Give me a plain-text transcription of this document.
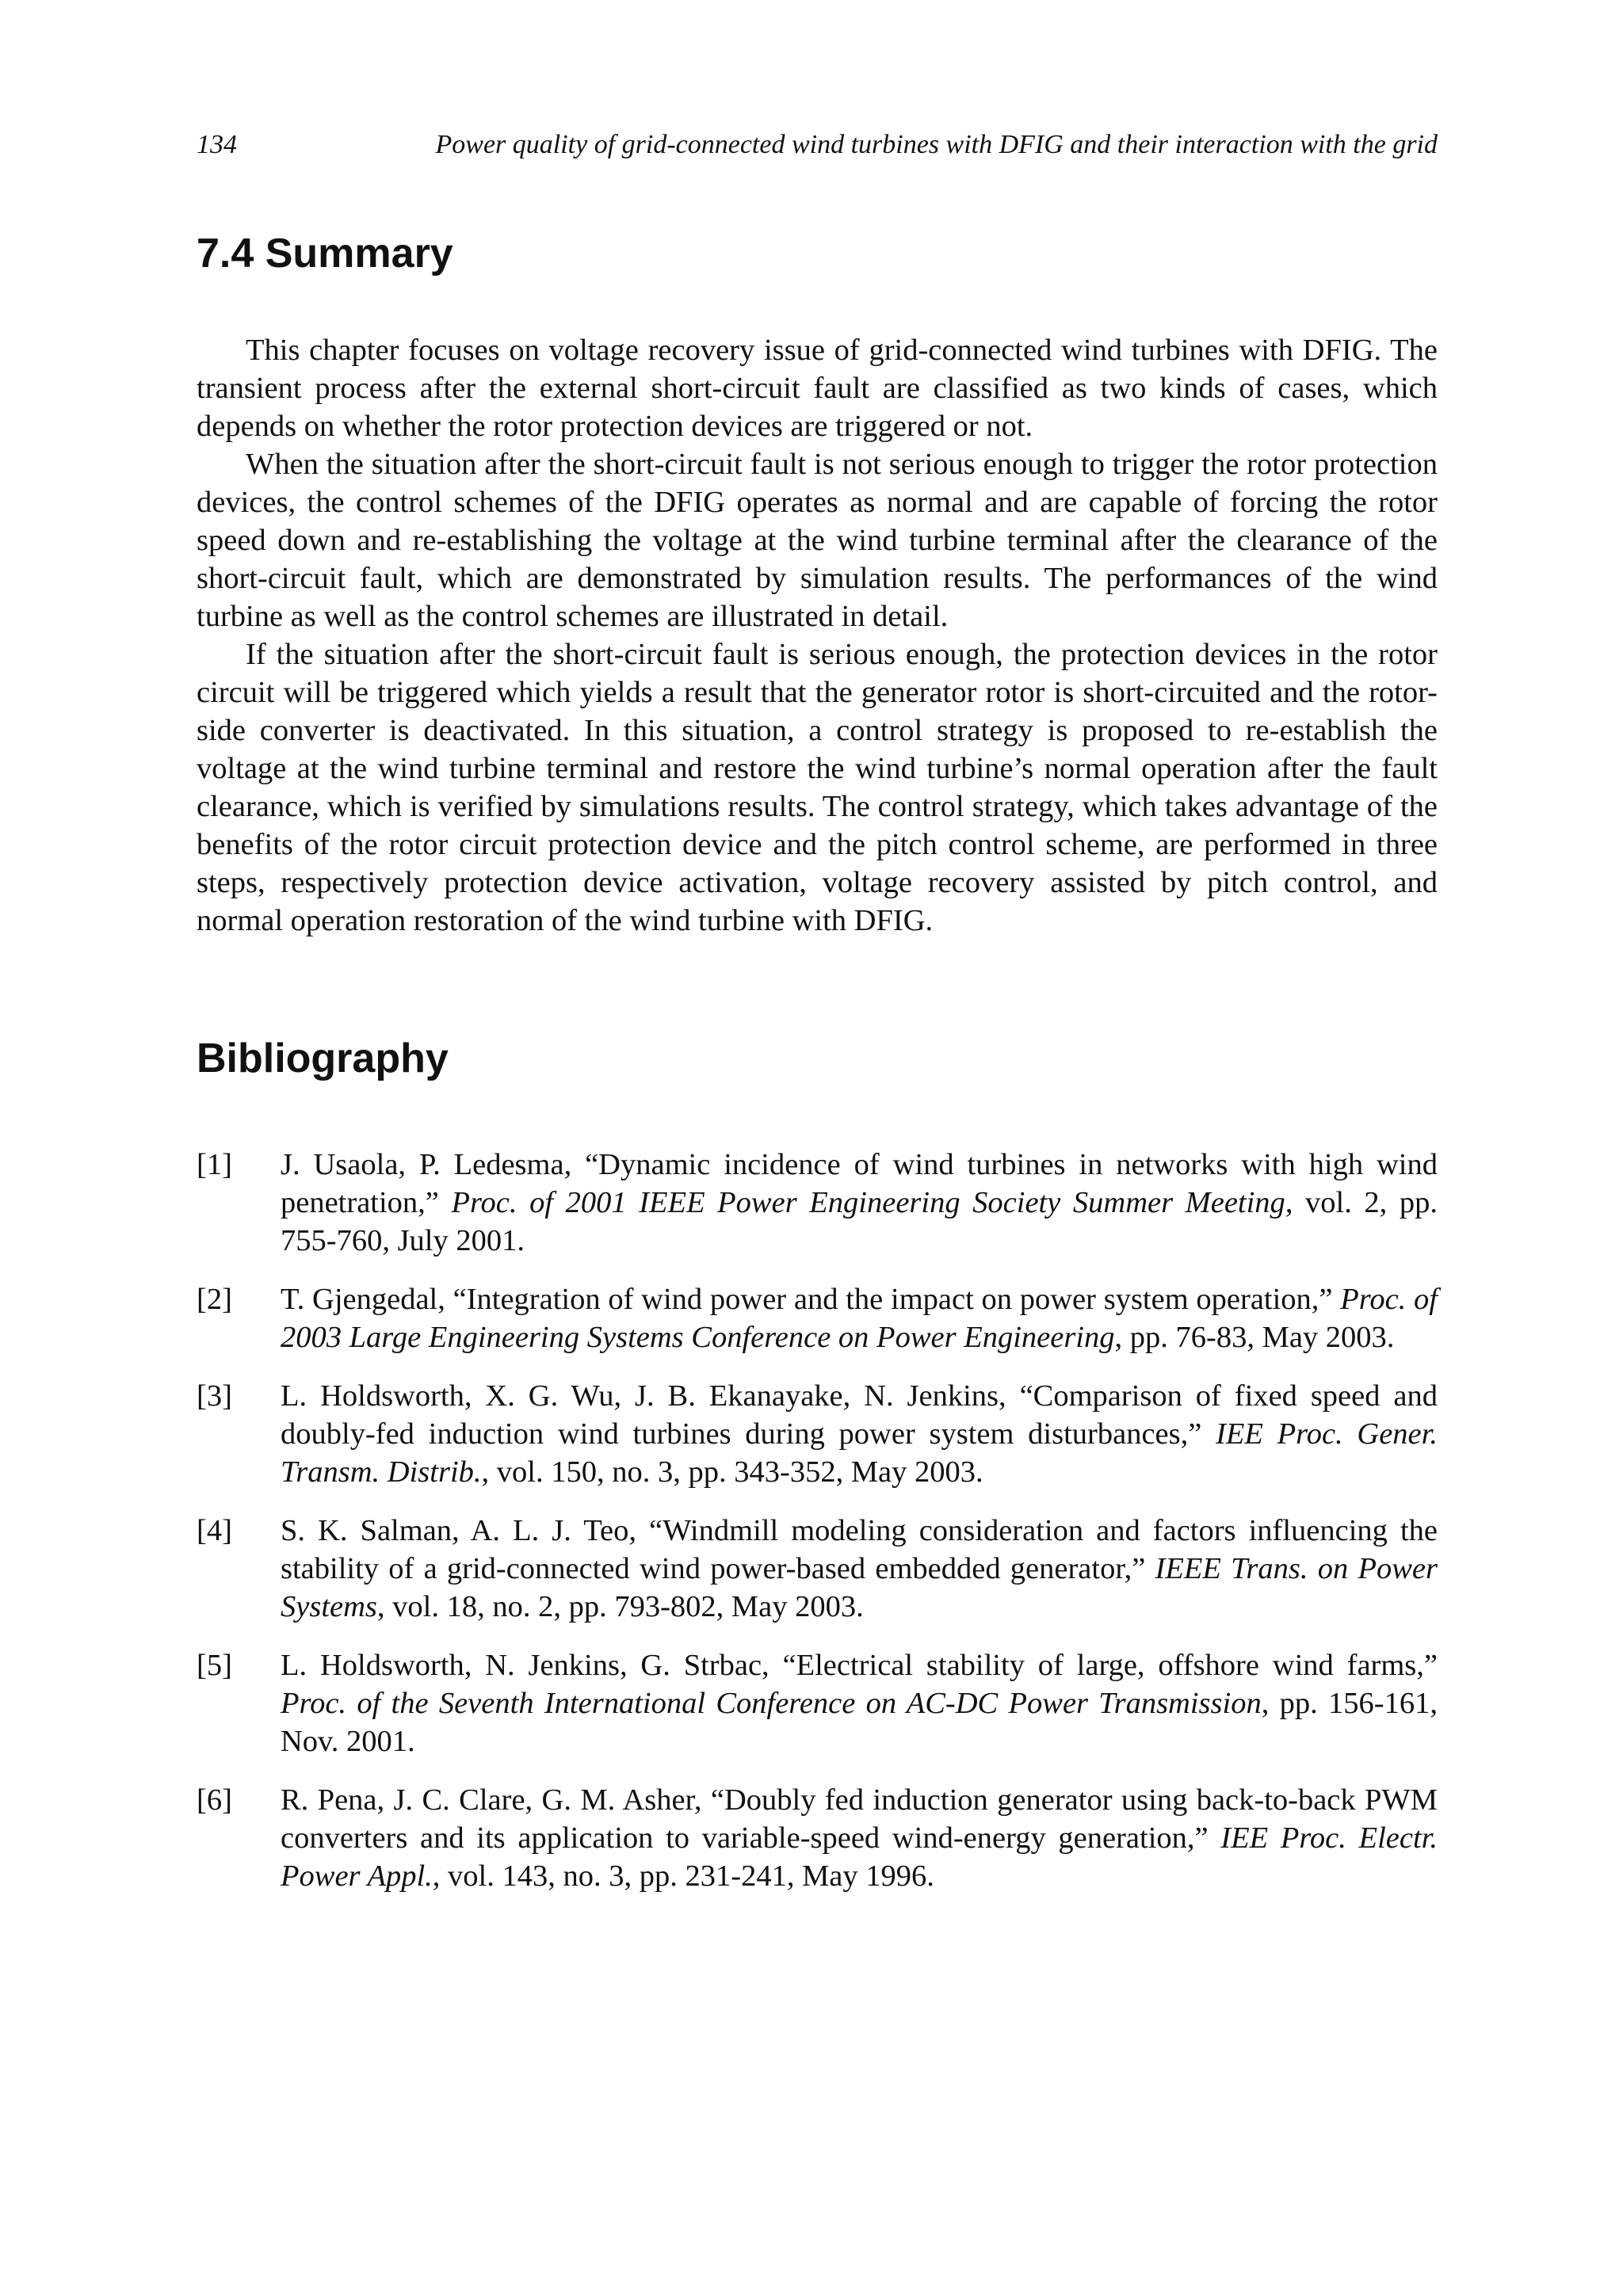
134	Power quality of grid-connected wind turbines with DFIG and their interaction with the grid
7.4 Summary

This chapter focuses on voltage recovery issue of grid-connected wind turbines with DFIG. The transient process after the external short-circuit fault are classified as two kinds of cases, which depends on whether the rotor protection devices are triggered or not.

When the situation after the short-circuit fault is not serious enough to trigger the rotor protection devices, the control schemes of the DFIG operates as normal and are capable of forcing the rotor speed down and re-establishing the voltage at the wind turbine terminal after the clearance of the short-circuit fault, which are demonstrated by simulation results. The performances of the wind turbine as well as the control schemes are illustrated in detail.

If the situation after the short-circuit fault is serious enough, the protection devices in the rotor circuit will be triggered which yields a result that the generator rotor is short-circuited and the rotor-side converter is deactivated. In this situation, a control strategy is proposed to re-establish the voltage at the wind turbine terminal and restore the wind turbine’s normal operation after the fault clearance, which is verified by simulations results. The control strategy, which takes advantage of the benefits of the rotor circuit protection device and the pitch control scheme, are performed in three steps, respectively protection device activation, voltage recovery assisted by pitch control, and normal operation restoration of the wind turbine with DFIG.

Bibliography
[1]	J. Usaola, P. Ledesma, “Dynamic incidence of wind turbines in networks with high wind penetration,” Proc. of 2001 IEEE Power Engineering Society Summer Meeting, vol. 2, pp. 755-760, July 2001.
[2]	T. Gjengedal, “Integration of wind power and the impact on power system operation,” Proc. of 2003 Large Engineering Systems Conference on Power Engineering, pp. 76-83, May 2003.
[3]	L. Holdsworth, X. G. Wu, J. B. Ekanayake, N. Jenkins, “Comparison of fixed speed and doubly-fed induction wind turbines during power system disturbances,” IEE Proc. Gener. Transm. Distrib., vol. 150, no. 3, pp. 343-352, May 2003.
[4]	S. K. Salman, A. L. J. Teo, “Windmill modeling consideration and factors influencing the stability of a grid-connected wind power-based embedded generator,” IEEE Trans. on Power Systems, vol. 18, no. 2, pp. 793-802, May 2003.
[5]	L. Holdsworth, N. Jenkins, G. Strbac, “Electrical stability of large, offshore wind farms,” Proc. of the Seventh International Conference on AC-DC Power Transmission, pp. 156-161, Nov. 2001.
[6]	R. Pena, J. C. Clare, G. M. Asher, “Doubly fed induction generator using back-to-back PWM converters and its application to variable-speed wind-energy generation,” IEE Proc. Electr. Power Appl., vol. 143, no. 3, pp. 231-241, May 1996.
